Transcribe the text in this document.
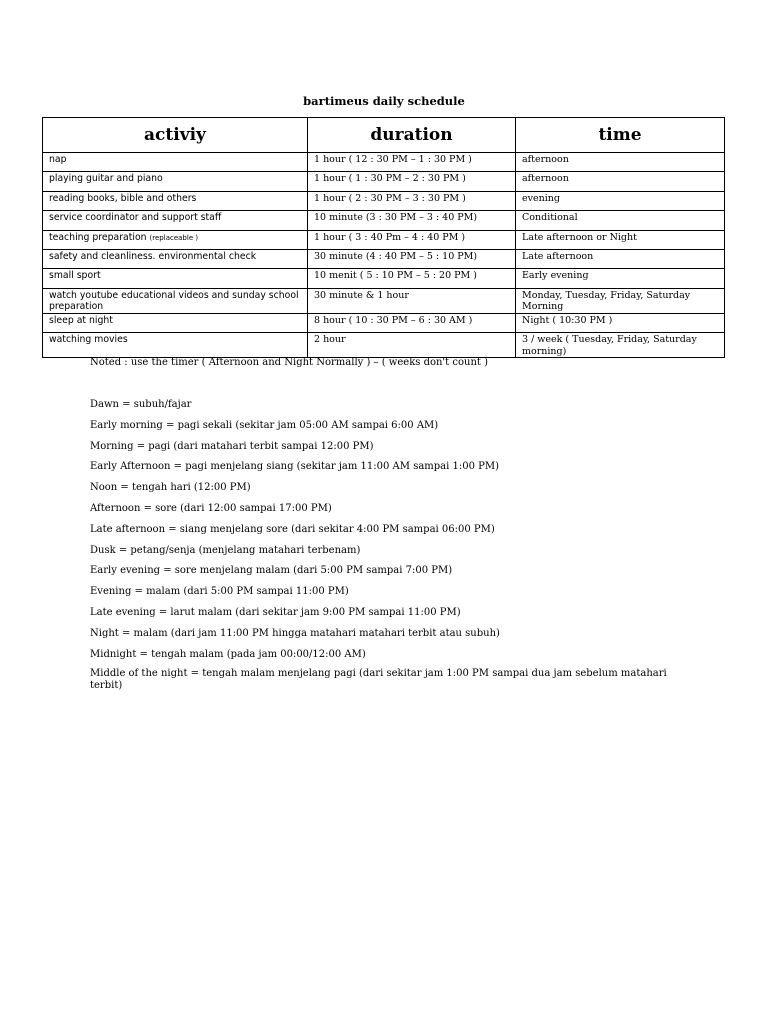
bartimeus daily schedule
activiy	duration	time
nap	1 hour ( 12 : 30 PM – 1 : 30 PM )	afternoon
playing guitar and piano	1 hour ( 1 : 30 PM – 2 : 30 PM )	afternoon
reading books, bible and others	1 hour ( 2 : 30 PM – 3 : 30 PM )	evening
service coordinator and support staff	10 minute (3 : 30 PM – 3 : 40 PM)	Conditional
teaching preparation (replaceable )	1 hour ( 3 : 40 Pm – 4 : 40 PM )	Late afternoon or Night
safety and cleanliness. environmental check	30 minute (4 : 40 PM – 5 : 10 PM)	Late afternoon
small sport	10 menit ( 5 : 10 PM – 5 : 20 PM )	Early evening
watch youtube educational videos and sunday school preparation	30 minute & 1 hour	Monday, Tuesday, Friday, Saturday Morning
sleep at night	8 hour ( 10 : 30 PM – 6 : 30 AM )	Night ( 10:30 PM )
watching movies	2 hour	3 / week ( Tuesday, Friday, Saturday morning)
Noted : use the timer ( Afternoon and Night Normally ) – ( weeks don't count )
Dawn = subuh/fajar
Early morning = pagi sekali (sekitar jam 05:00 AM sampai 6:00 AM)
Morning = pagi (dari matahari terbit sampai 12:00 PM)
Early Afternoon = pagi menjelang siang (sekitar jam 11:00 AM sampai 1:00 PM)
Noon = tengah hari (12:00 PM)
Afternoon = sore (dari 12:00 sampai 17:00 PM)
Late afternoon = siang menjelang sore (dari sekitar 4:00 PM sampai 06:00 PM)
Dusk = petang/senja (menjelang matahari terbenam)
Early evening = sore menjelang malam (dari 5:00 PM sampai 7:00 PM)
Evening = malam (dari 5:00 PM sampai 11:00 PM)
Late evening = larut malam (dari sekitar jam 9:00 PM sampai 11:00 PM)
Night = malam (dari jam 11:00 PM hingga matahari matahari terbit atau subuh)
Midnight = tengah malam (pada jam 00:00/12:00 AM)
Middle of the night = tengah malam menjelang pagi (dari sekitar jam 1:00 PM sampai dua jam sebelum matahari terbit)
